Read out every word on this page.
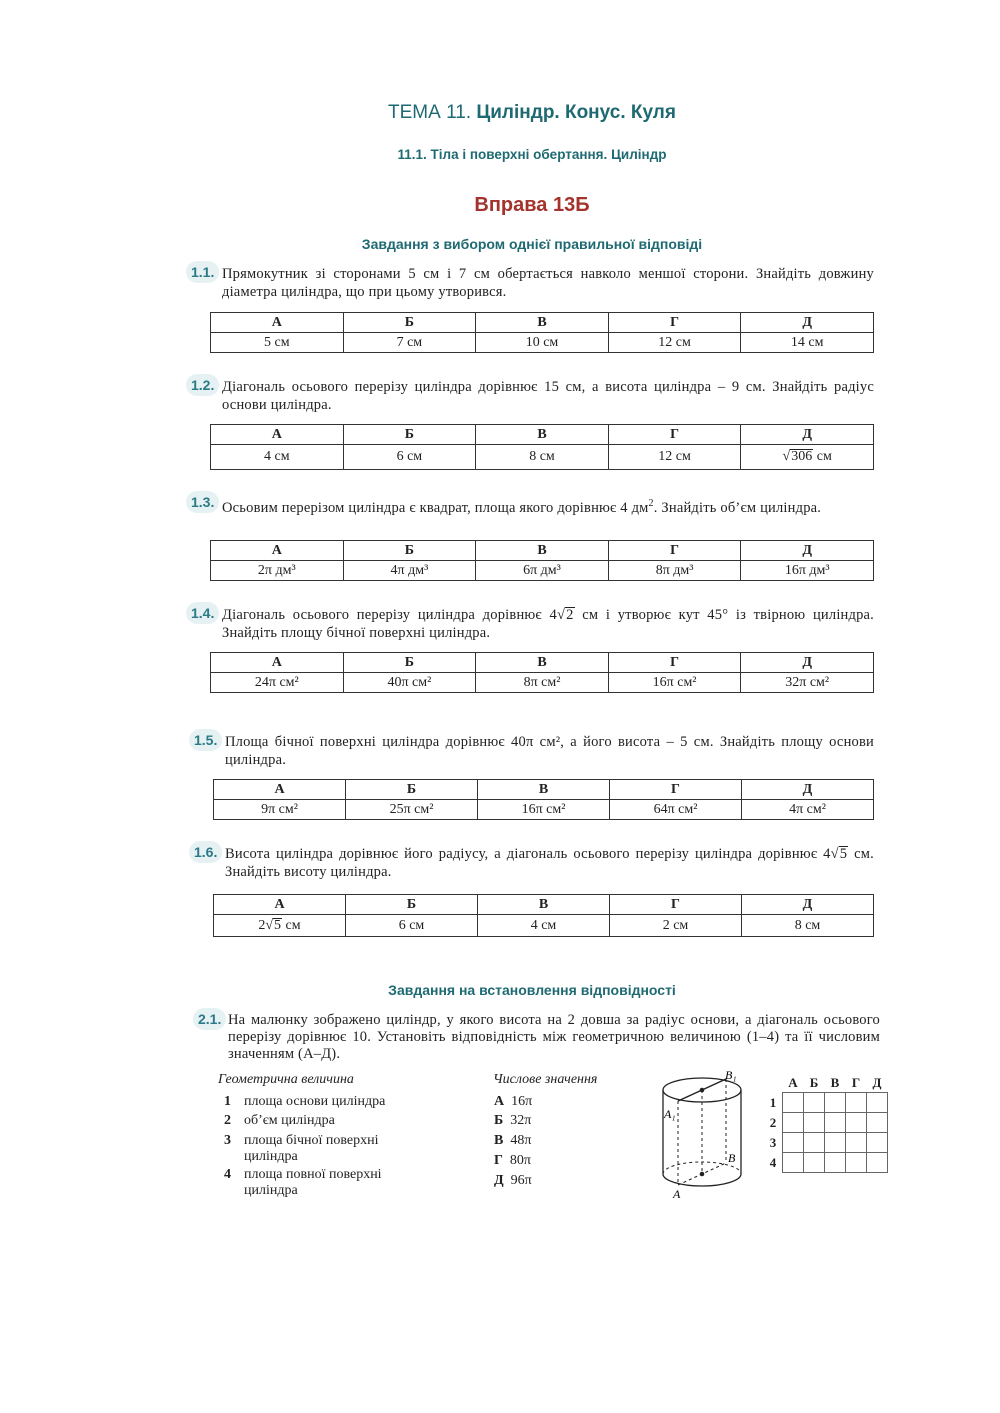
ТЕМА 11. Циліндр. Конус. Куля
11.1. Тіла і поверхні обертання. Циліндр
Вправа 13Б
Завдання з вибором однієї правильної відповіді
1.1. Прямокутник зі сторонами 5 см і 7 см обертається навколо меншої сторони. Знайдіть довжину діаметра циліндра, що при цьому утворився.
А	Б	В	Г	Д
5 см	7 см	10 см	12 см	14 см
1.2. Діагональ осьового перерізу циліндра дорівнює 15 см, а висота циліндра – 9 см. Знайдіть радіус основи циліндра.
А	Б	В	Г	Д
4 см	6 см	8 см	12 см	√306 см
1.3. Осьовим перерізом циліндра є квадрат, площа якого дорівнює 4 $дм^2$. Знайдіть об’єм циліндра.
А	Б	В	Г	Д
2π дм³	4π дм³	6π дм³	8π дм³	16π дм³
1.4. Діагональ осьового перерізу циліндра дорівнює 4√2 см і утворює кут 45° із твірною циліндра. Знайдіть площу бічної поверхні циліндра.
А	Б	В	Г	Д
24π см²	40π см²	8π см²	16π см²	32π см²
1.5. Площа бічної поверхні циліндра дорівнює 40π см², а його висота – 5 см. Знайдіть площу основи циліндра.
А	Б	В	Г	Д
9π см²	25π см²	16π см²	64π см²	4π см²
1.6. Висота циліндра дорівнює його радіусу, а діагональ осьового перерізу циліндра дорівнює 4√5 см. Знайдіть висоту циліндра.
А	Б	В	Г	Д
2√5 см	6 см	4 см	2 см	8 см
Завдання на встановлення відповідності
2.1. На малюнку зображено циліндр, у якого висота на 2 довша за радіус основи, а діагональ осьового перерізу дорівнює 10. Установіть відповідність між геометричною величиною (1–4) та її числовим значенням (А–Д).
Геометрична величина	Числове значення
1 площа основи циліндра
2 об’єм циліндра
3 площа бічної поверхні циліндра
4 площа повної поверхні циліндра
А 16π
Б 32π
В 48π
Г 80π
Д 96π
A
A₁
B
B₁
		А	Б	В	Г	Д
1					
2					
3					
4					
